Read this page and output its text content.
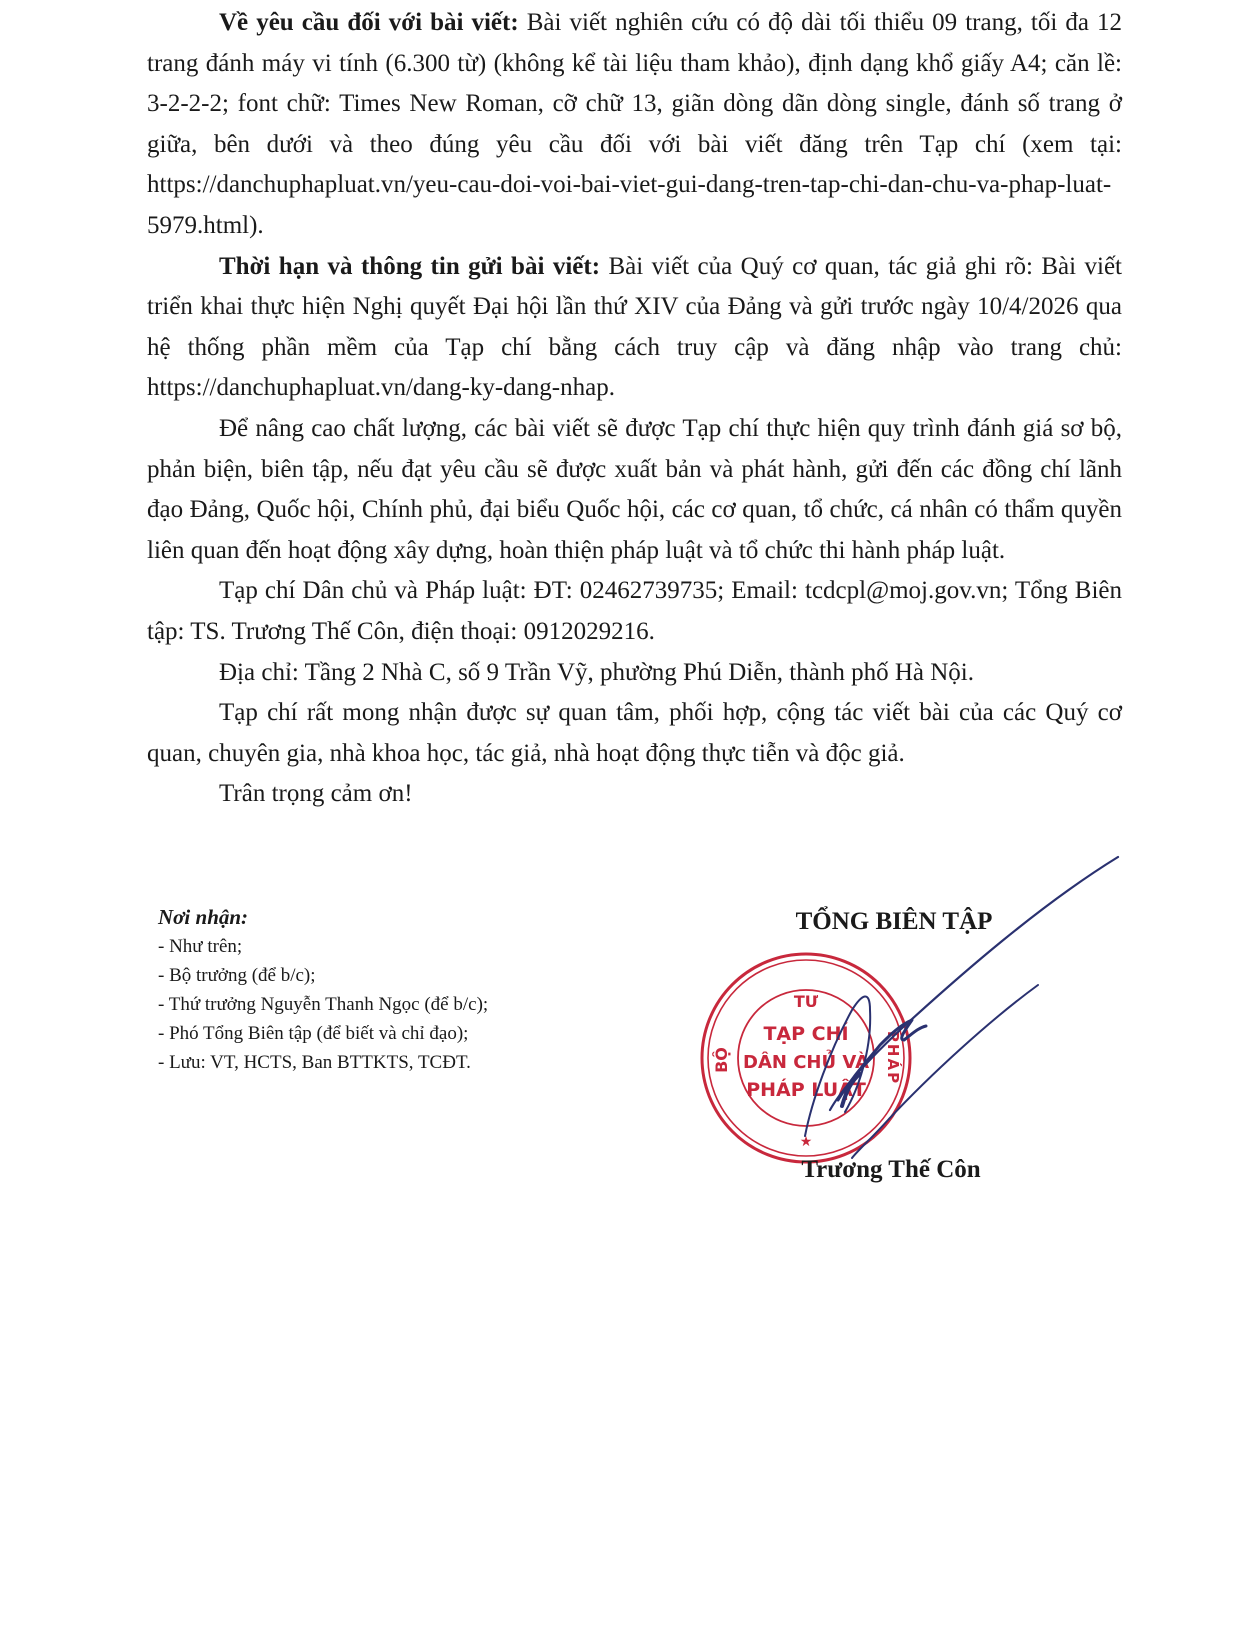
Về yêu cầu đối với bài viết: Bài viết nghiên cứu có độ dài tối thiểu 09 trang, tối đa 12 trang đánh máy vi tính (6.300 từ) (không kể tài liệu tham khảo), định dạng khổ giấy A4; căn lề: 3-2-2-2; font chữ: Times New Roman, cỡ chữ 13, giãn dòng dãn dòng single, đánh số trang ở giữa, bên dưới và theo đúng yêu cầu đối với bài viết đăng trên Tạp chí (xem tại: https://danchuphapluat.vn/yeu-cau-doi-voi-bai-viet-gui-dang-tren-tap-chi-dan-chu-va-phap-luat-5979.html).

Thời hạn và thông tin gửi bài viết: Bài viết của Quý cơ quan, tác giả ghi rõ: Bài viết triển khai thực hiện Nghị quyết Đại hội lần thứ XIV của Đảng và gửi trước ngày 10/4/2026 qua hệ thống phần mềm của Tạp chí bằng cách truy cập và đăng nhập vào trang chủ: https://danchuphapluat.vn/dang-ky-dang-nhap.

Để nâng cao chất lượng, các bài viết sẽ được Tạp chí thực hiện quy trình đánh giá sơ bộ, phản biện, biên tập, nếu đạt yêu cầu sẽ được xuất bản và phát hành, gửi đến các đồng chí lãnh đạo Đảng, Quốc hội, Chính phủ, đại biểu Quốc hội, các cơ quan, tổ chức, cá nhân có thẩm quyền liên quan đến hoạt động xây dựng, hoàn thiện pháp luật và tổ chức thi hành pháp luật.

Tạp chí Dân chủ và Pháp luật: ĐT: 02462739735; Email: tcdcpl@moj.gov.vn; Tổng Biên tập: TS. Trương Thế Côn, điện thoại: 0912029216.

Địa chỉ: Tầng 2 Nhà C, số 9 Trần Vỹ, phường Phú Diễn, thành phố Hà Nội.

Tạp chí rất mong nhận được sự quan tâm, phối hợp, cộng tác viết bài của các Quý cơ quan, chuyên gia, nhà khoa học, tác giả, nhà hoạt động thực tiễn và độc giả.

Trân trọng cảm ơn!

Nơi nhận:
- Như trên;
- Bộ trưởng (để b/c);
- Thứ trưởng Nguyễn Thanh Ngọc (để b/c);
- Phó Tổng Biên tập (để biết và chỉ đạo);
- Lưu: VT, HCTS, Ban BTTKTS, TCĐT.
TỔNG BIÊN TẬP
TƯ
BỘ	PHÁP
TẠP CHÍ
DÂN CHỦ VÀ
PHÁP LUẬT
★
Trương Thế Côn
